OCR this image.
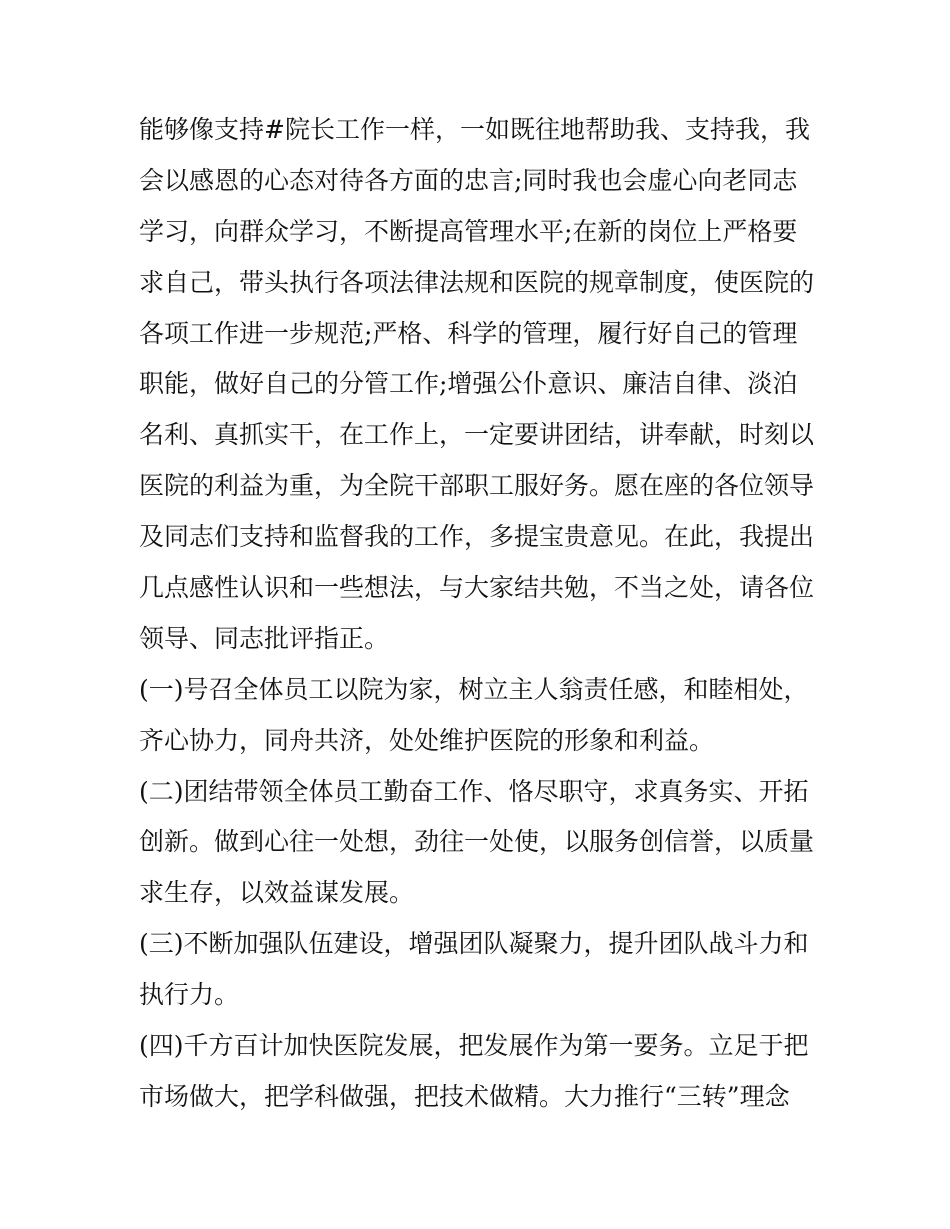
能够像支持#院长工作一样，一如既往地帮助我、支持我，我
会以感恩的心态对待各方面的忠言;同时我也会虚心向老同志
学习，向群众学习，不断提高管理水平;在新的岗位上严格要
求自己，带头执行各项法律法规和医院的规章制度，使医院的
各项工作进一步规范;严格、科学的管理，履行好自己的管理
职能，做好自己的分管工作;增强公仆意识、廉洁自律、淡泊
名利、真抓实干，在工作上，一定要讲团结，讲奉献，时刻以
医院的利益为重，为全院干部职工服好务。愿在座的各位领导
及同志们支持和监督我的工作，多提宝贵意见。在此，我提出
几点感性认识和一些想法，与大家结共勉，不当之处，请各位
领导、同志批评指正。
(一)号召全体员工以院为家，树立主人翁责任感，和睦相处，
齐心协力，同舟共济，处处维护医院的形象和利益。
(二)团结带领全体员工勤奋工作、恪尽职守，求真务实、开拓
创新。做到心往一处想，劲往一处使，以服务创信誉，以质量
求生存，以效益谋发展。
(三)不断加强队伍建设，增强团队凝聚力，提升团队战斗力和
执行力。
(四)千方百计加快医院发展，把发展作为第一要务。立足于把
市场做大，把学科做强，把技术做精。大力推行“三转”理念
